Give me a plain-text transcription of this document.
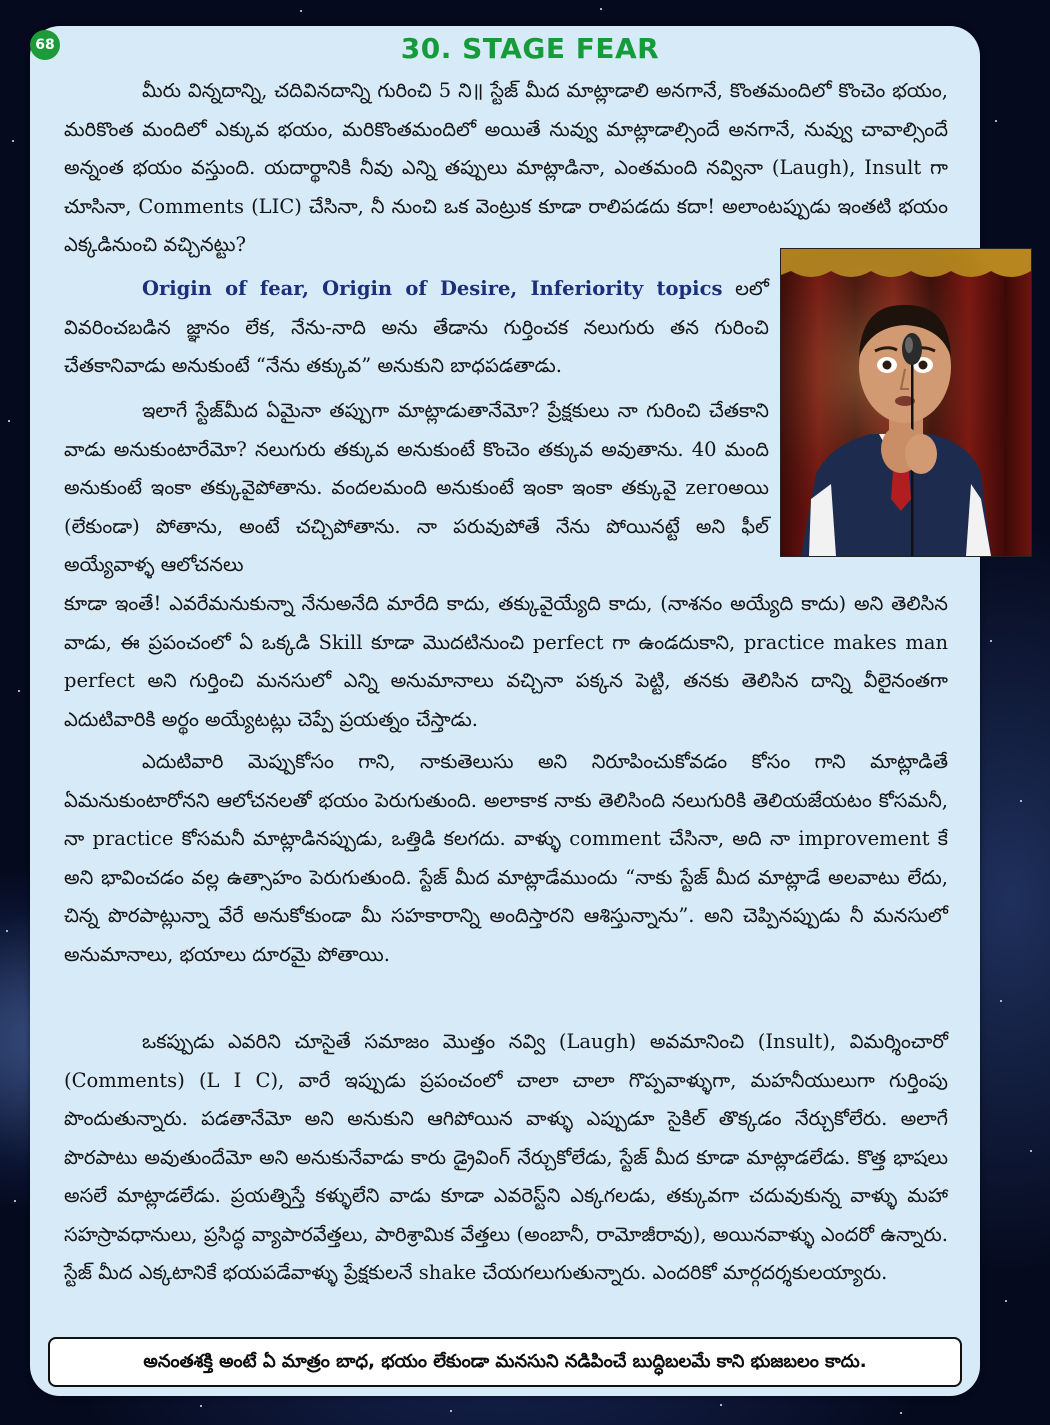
68	30. STAGE FEAR

మీరు విన్నదాన్ని, చదివినదాన్ని గురించి 5 ని॥ స్టేజ్ మీద మాట్లాడాలి అనగానే, కొంతమందిలో కొంచెం భయం, మరికొంత మందిలో ఎక్కువ భయం, మరికొంతమందిలో అయితే నువ్వు మాట్లాడాల్సిందే అనగానే, నువ్వు చావాల్సిందే అన్నంత భయం వస్తుంది. యదార్థానికి నీవు ఎన్ని తప్పులు మాట్లాడినా, ఎంతమంది నవ్వినా (Laugh), Insult గా చూసినా, Comments (LIC) చేసినా, నీ నుంచి ఒక వెంట్రుక కూడా రాలిపడదు కదా! అలాంటప్పుడు ఇంతటి భయం ఎక్కడినుంచి వచ్చినట్టు?

Origin of fear, Origin of Desire, Inferiority topics లలో వివరించబడిన జ్ఞానం లేక, నేను-నాది అను తేడాను గుర్తించక నలుగురు తన గురించి చేతకానివాడు అనుకుంటే “నేను తక్కువ” అనుకుని బాధపడతాడు.

ఇలాగే స్టేజ్‌మీద ఏమైనా తప్పుగా మాట్లాడుతానేమో? ప్రేక్షకులు నా గురించి చేతకాని వాడు అనుకుంటారేమో? నలుగురు తక్కువ అనుకుంటే కొంచెం తక్కువ అవుతాను. 40 మంది అనుకుంటే ఇంకా తక్కువైపోతాను. వందలమంది అనుకుంటే ఇంకా ఇంకా తక్కువై zeroఅయి (లేకుండా) పోతాను, అంటే చచ్చిపోతాను. నా పరువుపోతే నేను పోయినట్టే అని ఫీల్ అయ్యేవాళ్ళ ఆలోచనలు

కూడా ఇంతే! ఎవరేమనుకున్నా నేనుఅనేది మారేది కాదు, తక్కువైయ్యేది కాదు, (నాశనం అయ్యేది కాదు) అని తెలిసిన వాడు, ఈ ప్రపంచంలో ఏ ఒక్కడి Skill కూడా మొదటినుంచి perfect గా ఉండదుకాని, practice makes man perfect అని గుర్తించి మనసులో ఎన్ని అనుమానాలు వచ్చినా పక్కన పెట్టి, తనకు తెలిసిన దాన్ని వీలైనంతగా ఎదుటివారికి అర్థం అయ్యేటట్లు చెప్పే ప్రయత్నం చేస్తాడు.

ఎదుటివారి మెప్పుకోసం గాని, నాకుతెలుసు అని నిరూపించుకోవడం కోసం గాని మాట్లాడితే ఏమనుకుంటారోనని ఆలోచనలతో భయం పెరుగుతుంది. అలాకాక నాకు తెలిసింది నలుగురికి తెలియజేయటం కోసమనీ, నా practice కోసమనీ మాట్లాడినప్పుడు, ఒత్తిడి కలగదు. వాళ్ళు comment చేసినా, అది నా improvement కే అని భావించడం వల్ల ఉత్సాహం పెరుగుతుంది. స్టేజ్ మీద మాట్లాడేముందు “నాకు స్టేజ్ మీద మాట్లాడే అలవాటు లేదు, చిన్న పొరపాట్లున్నా వేరే అనుకోకుండా మీ సహకారాన్ని అందిస్తారని ఆశిస్తున్నాను”. అని చెప్పినప్పుడు నీ మనసులో అనుమానాలు, భయాలు దూరమై పోతాయి.

ఒకప్పుడు ఎవరిని చూసైతే సమాజం మొత్తం నవ్వి (Laugh) అవమానించి (Insult), విమర్శించారో (Comments) (L I C), వారే ఇప్పుడు ప్రపంచంలో చాలా చాలా గొప్పవాళ్ళుగా, మహనీయులుగా గుర్తింపు పొందుతున్నారు. పడతానేమో అని అనుకుని ఆగిపోయిన వాళ్ళు ఎప్పుడూ సైకిల్ తొక్కడం నేర్చుకోలేరు. అలాగే పొరపాటు అవుతుందేమో అని అనుకునేవాడు కారు డ్రైవింగ్ నేర్చుకోలేడు, స్టేజ్ మీద కూడా మాట్లాడలేడు. కొత్త భాషలు అసలే మాట్లాడలేడు. ప్రయత్నిస్తే కళ్ళులేని వాడు కూడా ఎవరెస్ట్‌ని ఎక్కగలడు, తక్కువగా చదువుకున్న వాళ్ళు మహా సహస్రావధానులు, ప్రసిద్ధ వ్యాపారవేత్తలు, పారిశ్రామిక వేత్తలు (అంబానీ, రామోజీరావు), అయినవాళ్ళు ఎందరో ఉన్నారు. స్టేజ్ మీద ఎక్కటానికే భయపడేవాళ్ళు ప్రేక్షకులనే shake చేయగలుగుతున్నారు. ఎందరికో మార్గదర్శకులయ్యారు.

అనంతశక్తి అంటే ఏ మాత్రం బాధ, భయం లేకుండా మనసుని నడిపించే బుద్ధిబలమే కాని భుజబలం కాదు.
